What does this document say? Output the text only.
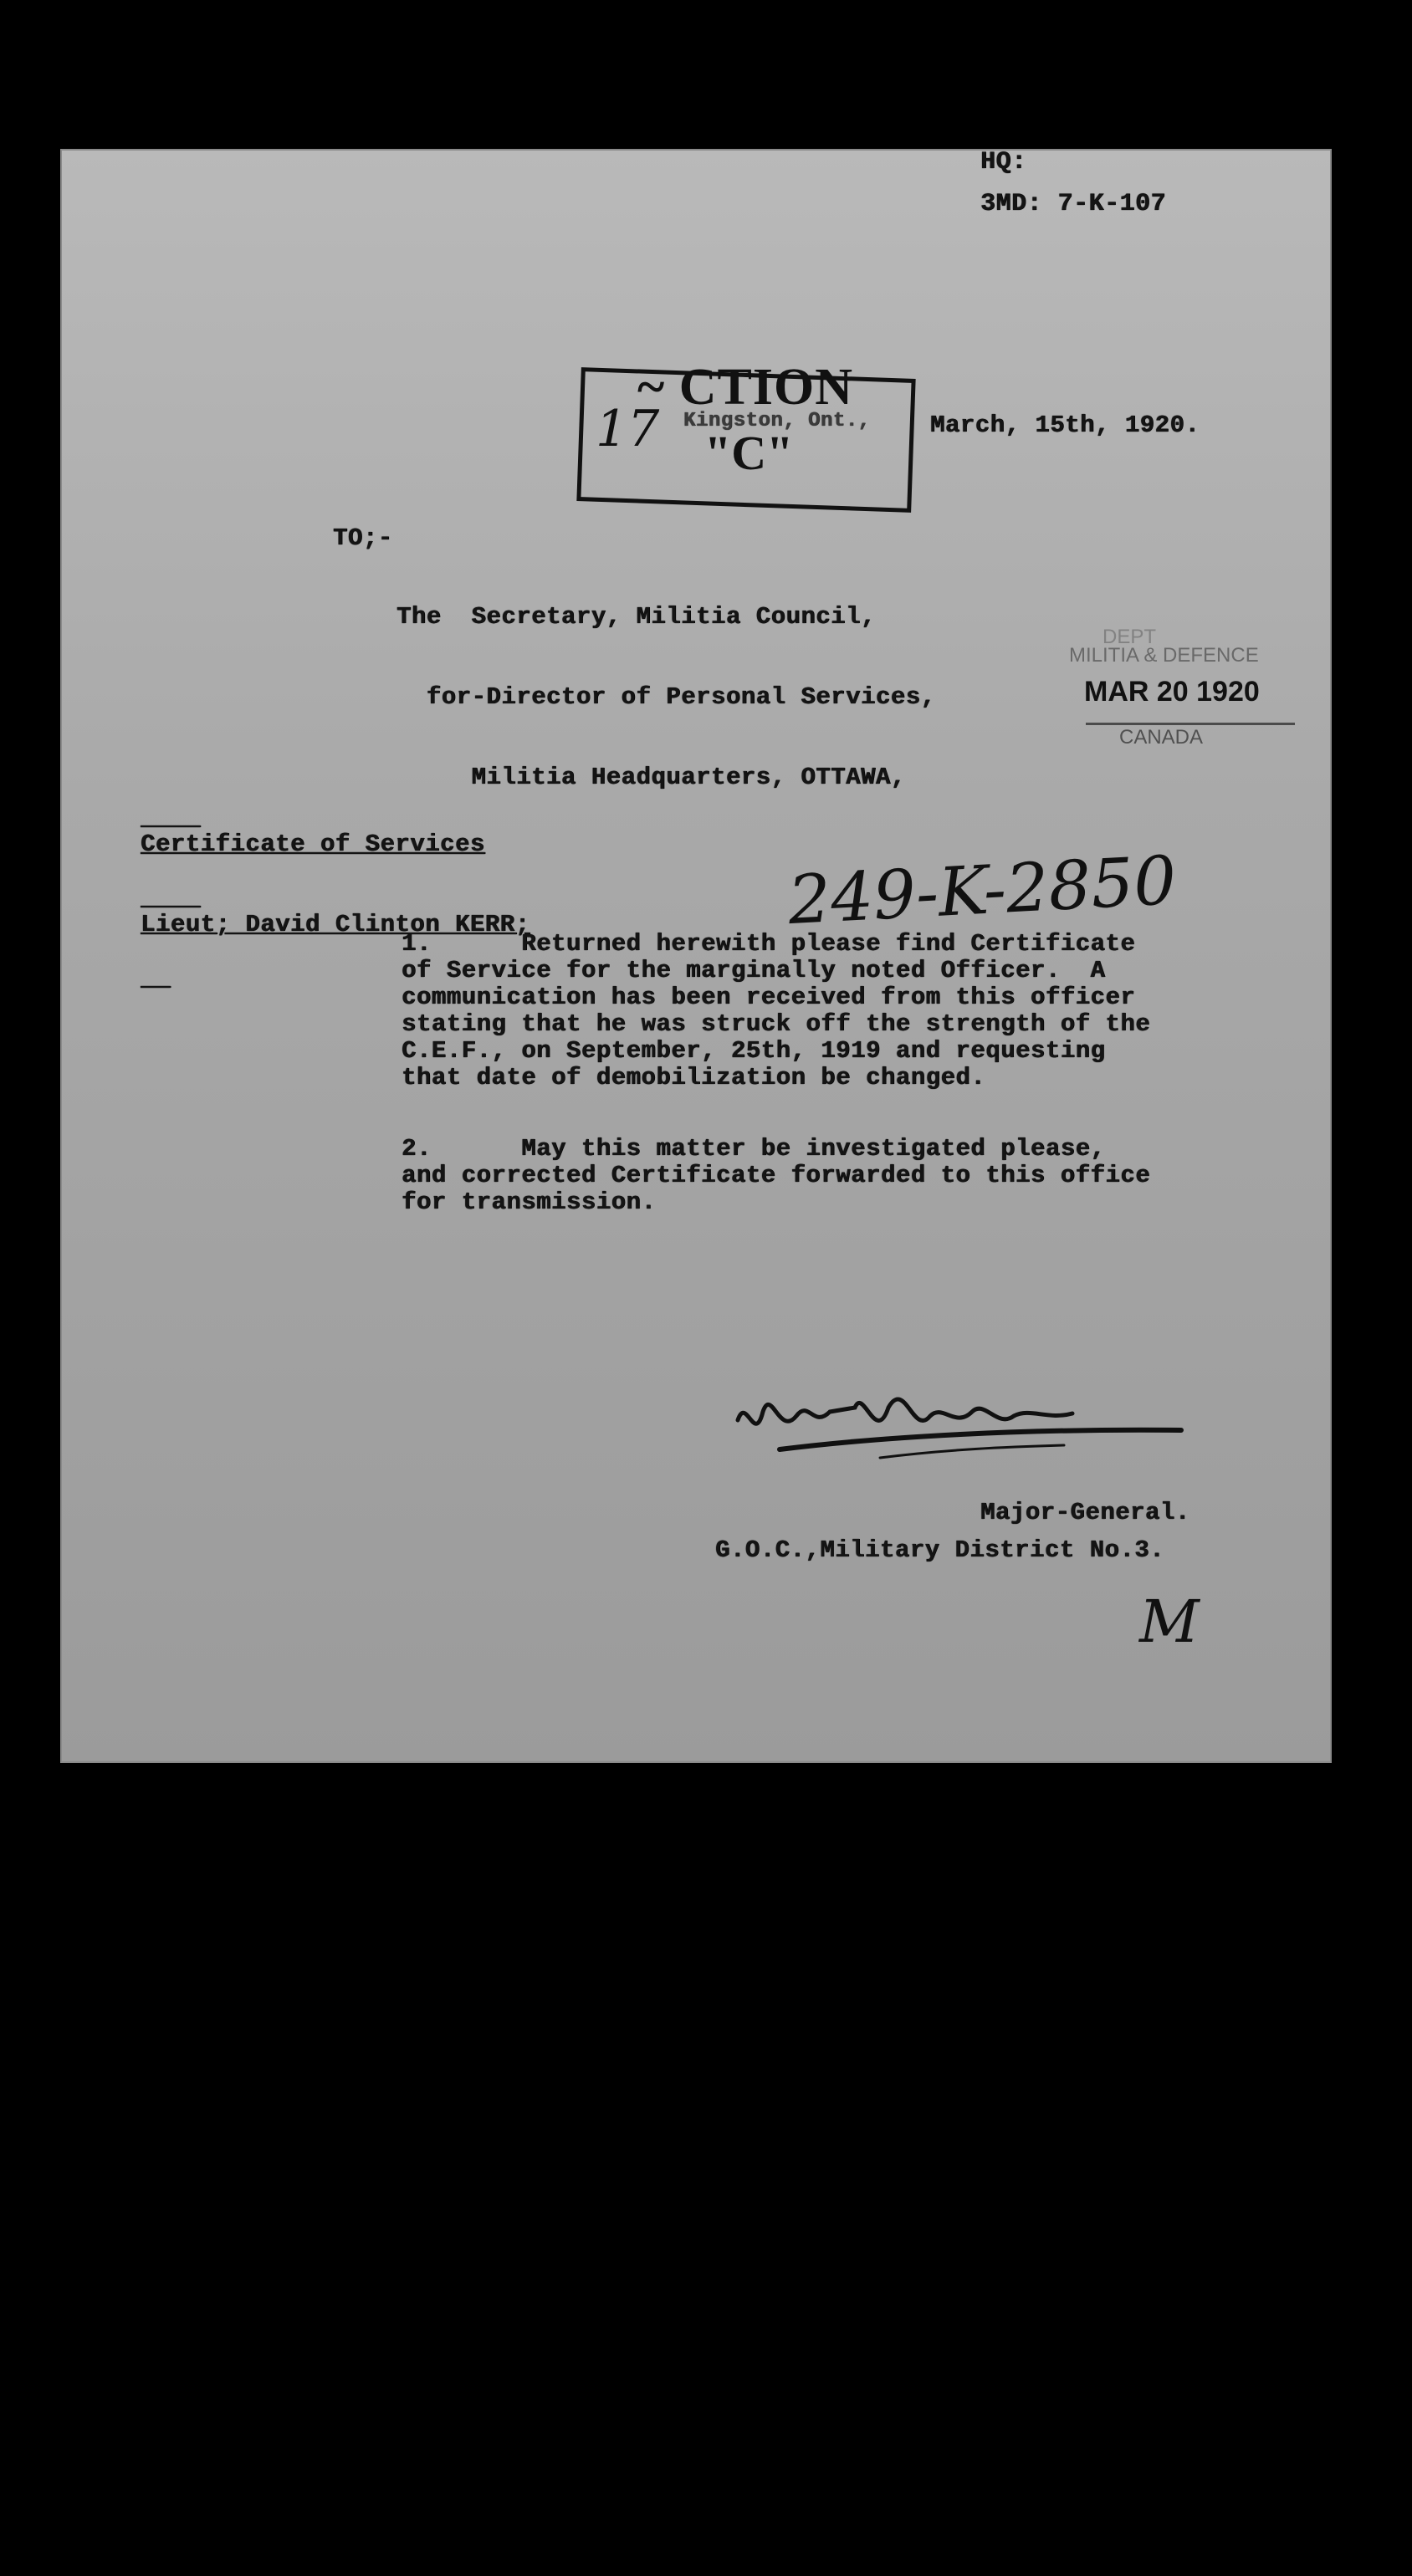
HQ:
3MD: 7-K-107
~ CTION
"C"
17 Kingston, Ont., March, 15th, 1920.
TO;-

The  Secretary, Militia Council,

for-Director of Personal Services,

Militia Headquarters, OTTAWA,

DEPT
MILITIA & DEFENCE
MAR 20 1920
CANADA

Certificate of Services

Lieut; David Clinton KERR;

	249-K-2850
1.      Returned herewith please find Certificate
of Service for the marginally noted Officer.  A
communication has been received from this officer
stating that he was struck off the strength of the
C.E.F., on September, 25th, 1919 and requesting
that date of demobilization be changed.
2.      May this matter be investigated please,
and corrected Certificate forwarded to this office
for transmission.
Major-General.
G.O.C.,Military District No.3.
M
